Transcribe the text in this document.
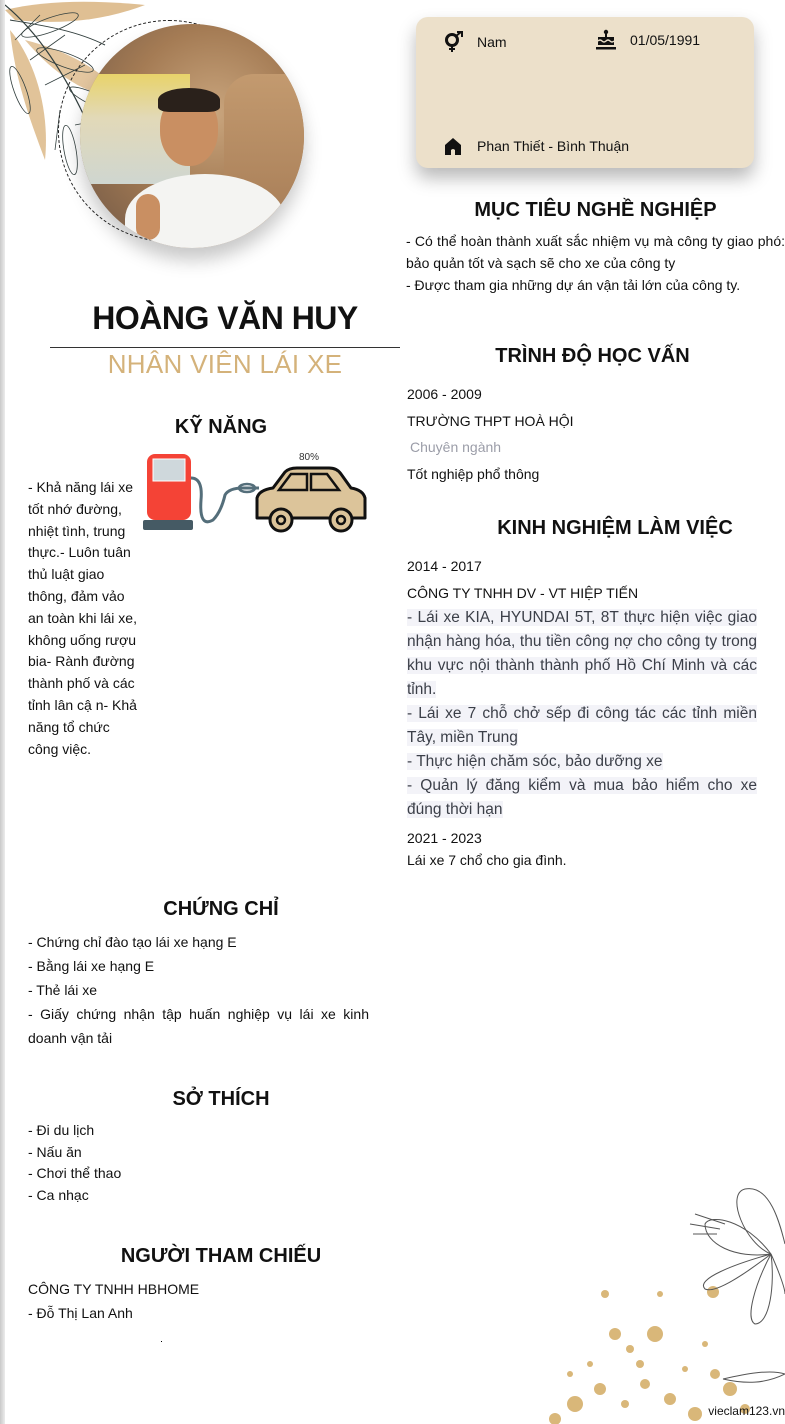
Nam	01/05/1991
Phan Thiết - Bình Thuận
HOÀNG VĂN HUY
NHÂN VIÊN LÁI XE
MỤC TIÊU NGHỀ NGHIỆP
- Có thể hoàn thành xuất sắc nhiệm vụ mà công ty giao phó: bảo quản tốt và sạch sẽ cho xe của công ty
- Được tham gia những dự án vận tải lớn của công ty.
KỸ NĂNG
- Khả năng lái xe tốt nhớ đường, nhiệt tình, trung thực.- Luôn tuân thủ luật giao thông, đảm vảo an toàn khi lái xe, không uống rượu bia- Rành đường thành phố và các tỉnh lân cậ n- Khả năng tổ chức công việc.
80%
TRÌNH ĐỘ HỌC VẤN
2006 - 2009
TRƯỜNG THPT HOÀ HỘI
Chuyên ngành
Tốt nghiệp phổ thông
KINH NGHIỆM LÀM VIỆC
2014 - 2017
CÔNG TY TNHH DV - VT HIỆP TIẾN
- Lái xe KIA, HYUNDAI 5T, 8T thực hiện việc giao nhận hàng hóa, thu tiền công nợ cho công ty trong khu vực nội thành thành phố Hồ Chí Minh và các tỉnh.
- Lái xe 7 chỗ chở sếp đi công tác các tỉnh miền Tây, miền Trung
- Thực hiện chăm sóc, bảo dưỡng xe
- Quản lý đăng kiểm và mua bảo hiểm cho xe đúng thời hạn
2021 - 2023
Lái xe 7 chổ cho gia đình.
CHỨNG CHỈ
- Chứng chỉ đào tạo lái xe hạng E
- Bằng lái xe hạng E
- Thẻ lái xe
- Giấy chứng nhận tập huấn nghiệp vụ lái xe kinh doanh vận tải
SỞ THÍCH
- Đi du lịch
- Nấu ăn
- Chơi thể thao
- Ca nhạc
NGƯỜI THAM CHIẾU
CÔNG TY TNHH HBHOME
- Đỗ Thị Lan Anh
vieclam123.vn
